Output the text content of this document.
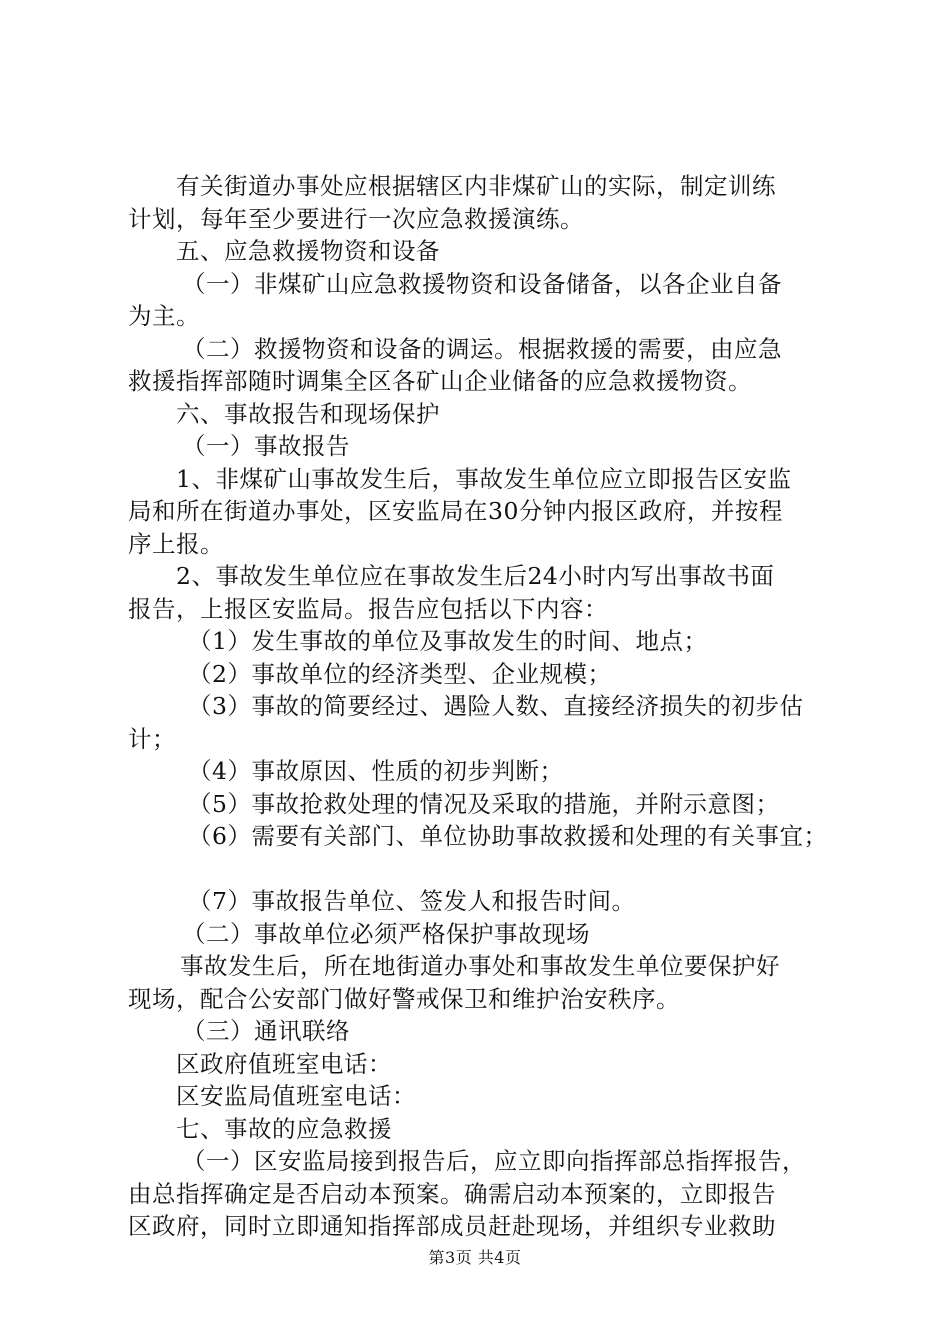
有关街道办事处应根据辖区内非煤矿山的实际，制定训练
计划，每年至少要进行一次应急救援演练。
五、应急救援物资和设备
（一）非煤矿山应急救援物资和设备储备，以各企业自备
为主。
（二）救援物资和设备的调运。根据救援的需要，由应急
救援指挥部随时调集全区各矿山企业储备的应急救援物资。
六、事故报告和现场保护
（一）事故报告
1、非煤矿山事故发生后，事故发生单位应立即报告区安监
局和所在街道办事处，区安监局在30分钟内报区政府，并按程
序上报。
2、事故发生单位应在事故发生后24小时内写出事故书面
报告，上报区安监局。报告应包括以下内容：
（1）发生事故的单位及事故发生的时间、地点；
（2）事故单位的经济类型、企业规模；
（3）事故的简要经过、遇险人数、直接经济损失的初步估
计；
（4）事故原因、性质的初步判断；
（5）事故抢救处理的情况及采取的措施，并附示意图；
（6）需要有关部门、单位协助事故救援和处理的有关事宜；
（7）事故报告单位、签发人和报告时间。
（二）事故单位必须严格保护事故现场
事故发生后，所在地街道办事处和事故发生单位要保护好
现场，配合公安部门做好警戒保卫和维护治安秩序。
（三）通讯联络
区政府值班室电话：
区安监局值班室电话：
七、事故的应急救援
（一）区安监局接到报告后，应立即向指挥部总指挥报告，
由总指挥确定是否启动本预案。确需启动本预案的，立即报告
区政府，同时立即通知指挥部成员赶赴现场，并组织专业救助
第3页 共4页
